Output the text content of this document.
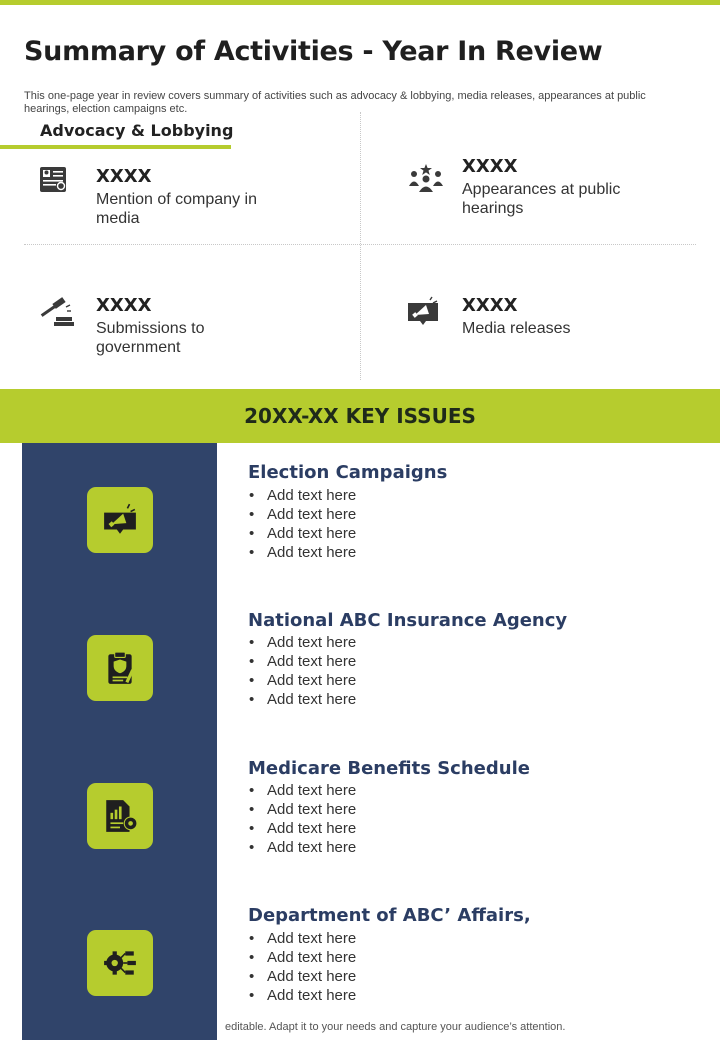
Summary of Activities - Year In Review

This one-page year in review covers summary of activities such as advocacy & lobbying, media releases, appearances at public hearings, election campaigns etc.

Advocacy & Lobbying
XXXX
Mention of company in media
XXXX
Appearances at public hearings
XXXX
Submissions to government
XXXX
Media releases
20XX-XX KEY ISSUES
Election Campaigns
• Add text here
• Add text here
• Add text here
• Add text here
National ABC Insurance Agency
• Add text here
• Add text here
• Add text here
• Add text here
Medicare Benefits Schedule
• Add text here
• Add text here
• Add text here
• Add text here
Department of ABC’ Affairs,
• Add text here
• Add text here
• Add text here
• Add text here
editable. Adapt it to your needs and capture your audience’s attention.
